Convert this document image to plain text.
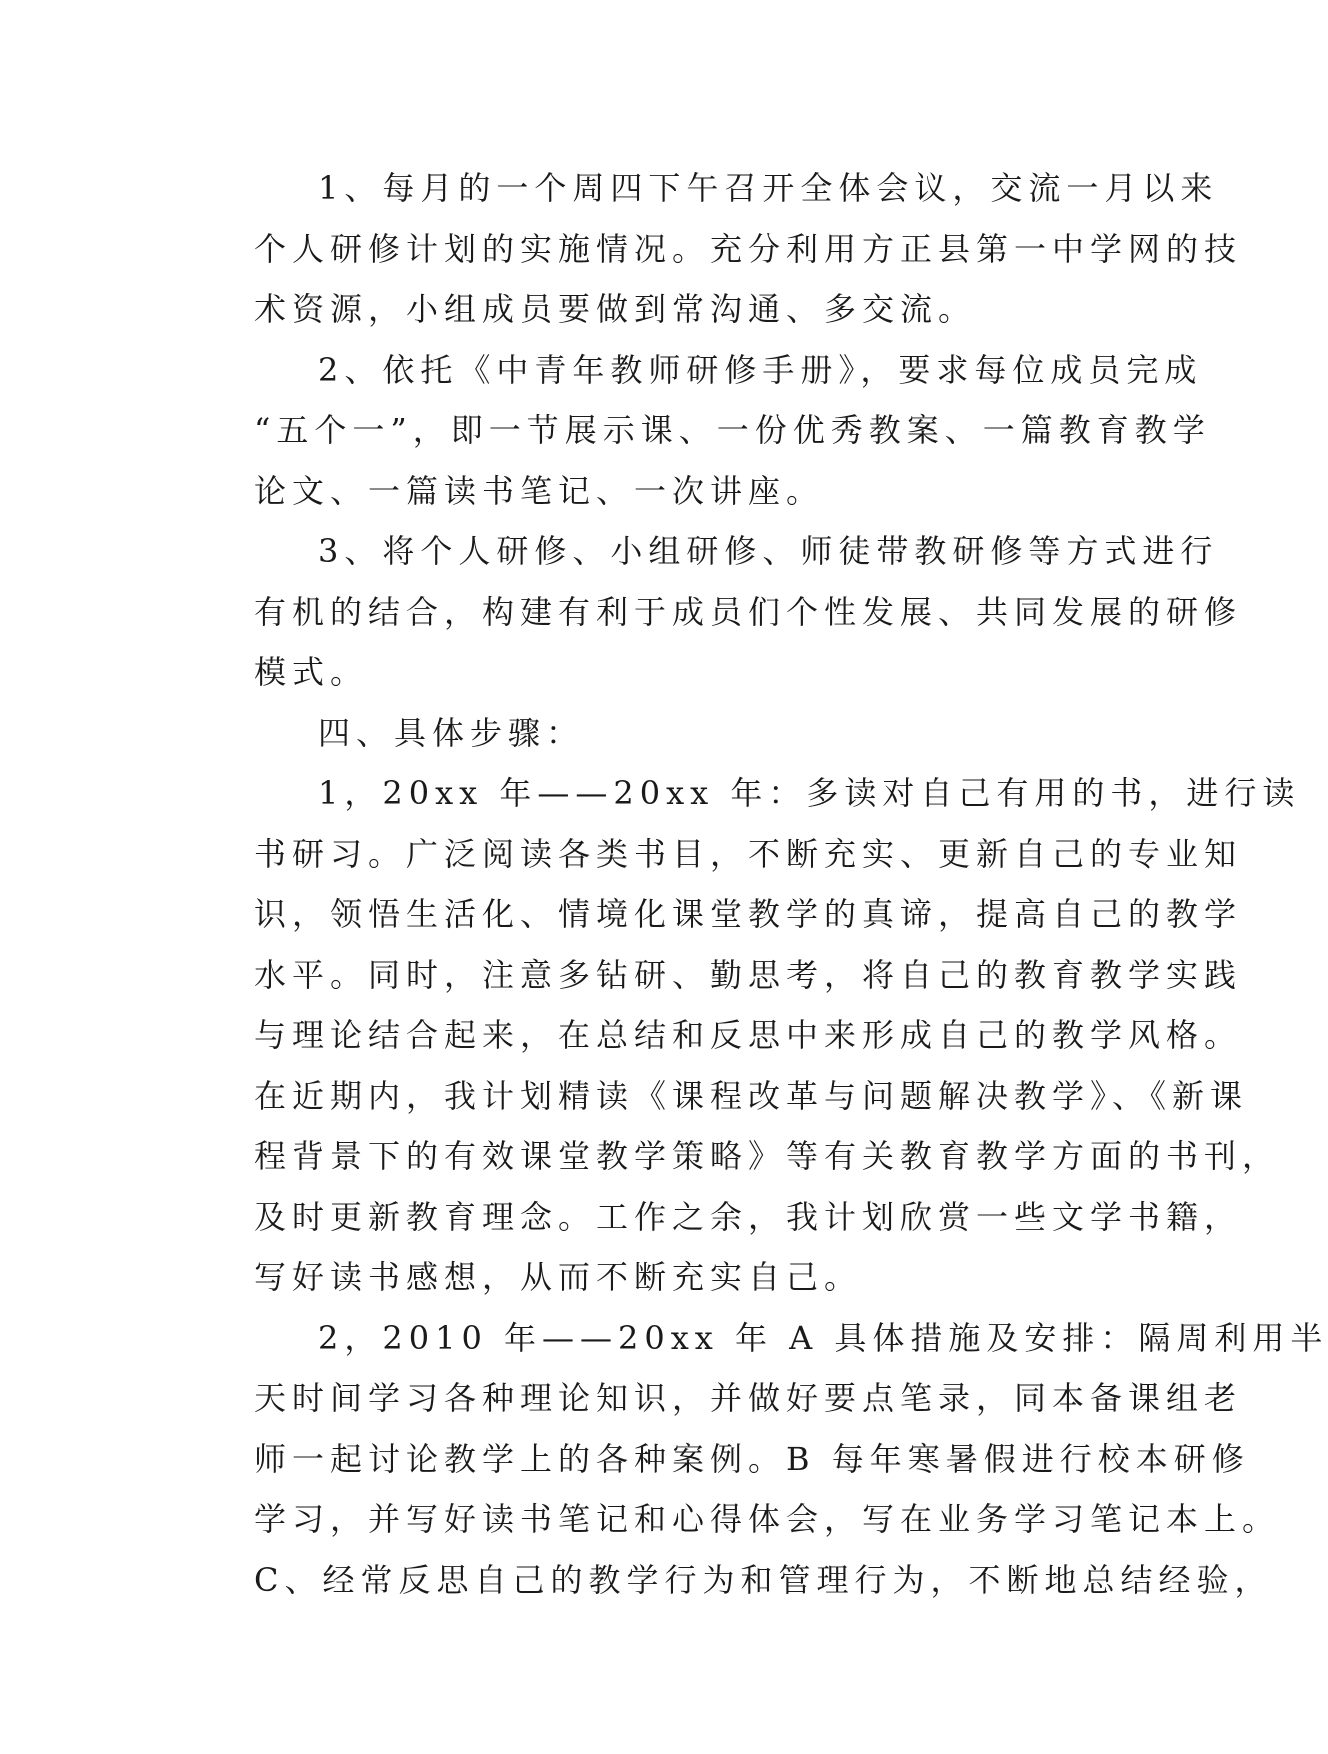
1、每月的一个周四下午召开全体会议，交流一月以来
个人研修计划的实施情况。充分利用方正县第一中学网的技
术资源，小组成员要做到常沟通、多交流。
2、依托《中青年教师研修手册》，要求每位成员完成
“五个一”，即一节展示课、一份优秀教案、一篇教育教学
论文、一篇读书笔记、一次讲座。
3、将个人研修、小组研修、师徒带教研修等方式进行
有机的结合，构建有利于成员们个性发展、共同发展的研修
模式。
四、具体步骤：
1，20xx 年——20xx 年：多读对自己有用的书，进行读
书研习。广泛阅读各类书目，不断充实、更新自己的专业知
识，领悟生活化、情境化课堂教学的真谛，提高自己的教学
水平。同时，注意多钻研、勤思考，将自己的教育教学实践
与理论结合起来，在总结和反思中来形成自己的教学风格。
在近期内，我计划精读《课程改革与问题解决教学》、《新课
程背景下的有效课堂教学策略》等有关教育教学方面的书刊，
及时更新教育理念。工作之余，我计划欣赏一些文学书籍，
写好读书感想，从而不断充实自己。
2，2010 年——20xx 年 A 具体措施及安排：隔周利用半
天时间学习各种理论知识，并做好要点笔录，同本备课组老
师一起讨论教学上的各种案例。B 每年寒暑假进行校本研修
学习，并写好读书笔记和心得体会，写在业务学习笔记本上。
C、经常反思自己的教学行为和管理行为，不断地总结经验，
